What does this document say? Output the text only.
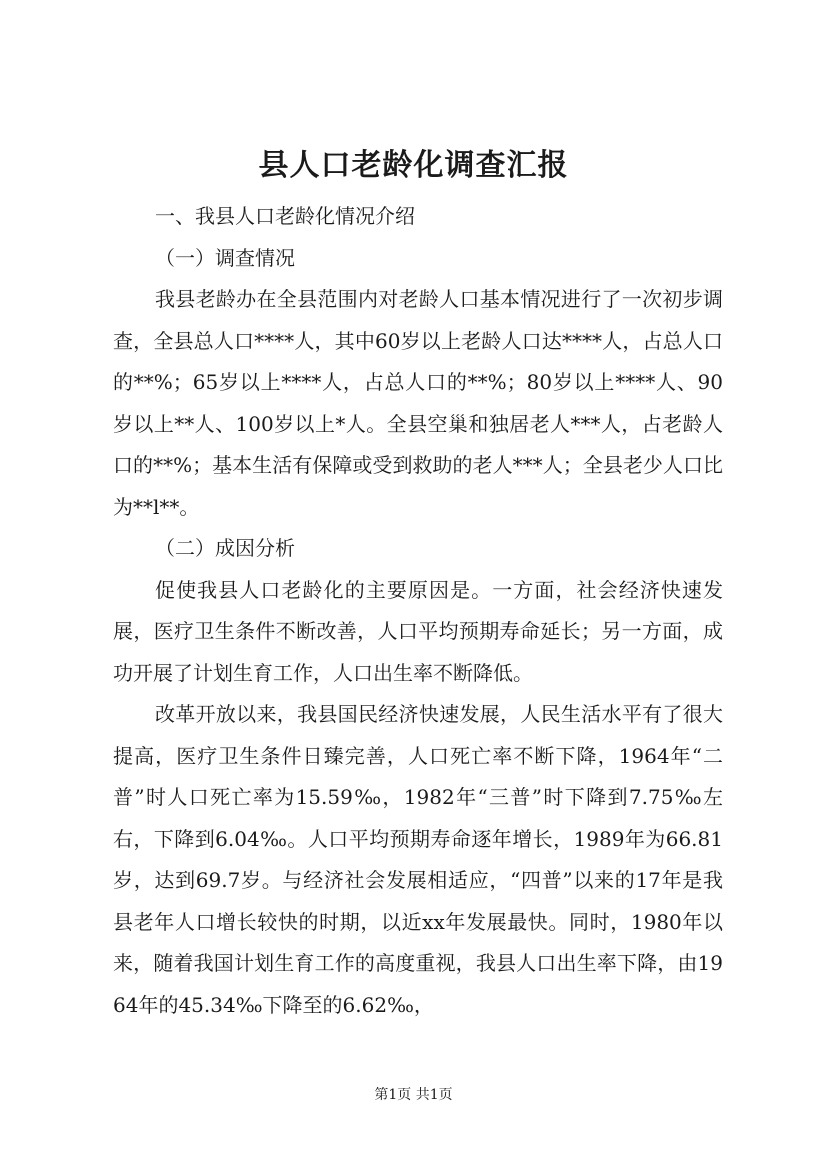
县人口老龄化调查汇报

一、我县人口老龄化情况介绍

（一）调查情况

我县老龄办在全县范围内对老龄人口基本情况进行了一次初步调查，全县总人口****人，其中60岁以上老龄人口达****人，占总人口的**%；65岁以上****人，占总人口的**%；80岁以上****人、90岁以上**人、100岁以上*人。全县空巢和独居老人***人，占老龄人口的**%；基本生活有保障或受到救助的老人***人；全县老少人口比为**l**。

（二）成因分析

促使我县人口老龄化的主要原因是。一方面，社会经济快速发展，医疗卫生条件不断改善，人口平均预期寿命延长；另一方面，成功开展了计划生育工作，人口出生率不断降低。

改革开放以来，我县国民经济快速发展，人民生活水平有了很大提高，医疗卫生条件日臻完善，人口死亡率不断下降，1964年“二普”时人口死亡率为15.59‰，1982年“三普”时下降到7.75‰左右，下降到6.04‰。人口平均预期寿命逐年增长，1989年为66.81岁，达到69.7岁。与经济社会发展相适应，“四普”以来的17年是我县老年人口增长较快的时期，以近xx年发展最快。同时，1980年以来，随着我国计划生育工作的高度重视，我县人口出生率下降，由1964年的45.34‰下降至的6.62‰，

第1页 共1页
